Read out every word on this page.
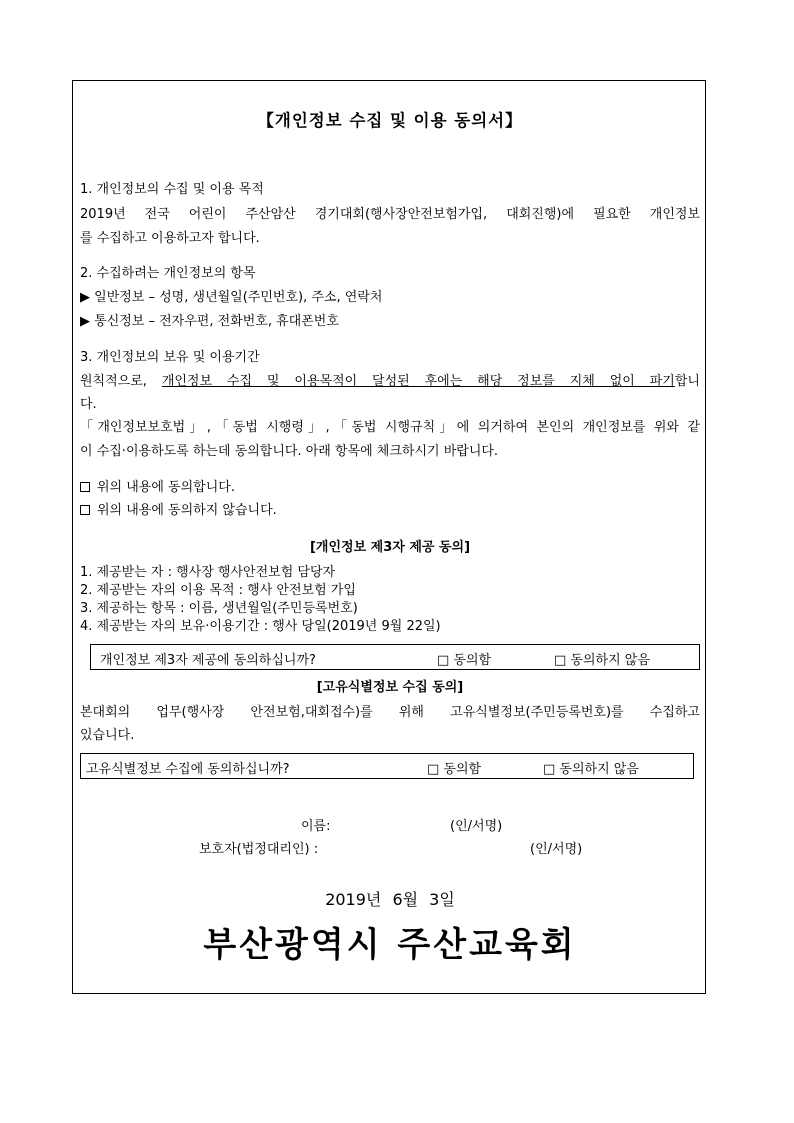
【개인정보 수집 및 이용 동의서】
1. 개인정보의 수집 및 이용 목적
2019년 전국 어린이 주산암산 경기대회(행사장안전보험가입, 대회진행)에 필요한 개인정보
를 수집하고 이용하고자 합니다.
2. 수집하려는 개인정보의 항목
▶ 일반정보 – 성명, 생년월일(주민번호), 주소, 연락처
▶ 통신정보 – 전자우편, 전화번호, 휴대폰번호
3. 개인정보의 보유 및 이용기간
원칙적으로, 개인정보 수집 및 이용목적이 달성된 후에는 해당 정보를 지체 없이 파기합니
다.
「개인정보보호법」,「동법 시행령」,「동법 시행규칙」에 의거하여 본인의 개인정보를 위와 같
이 수집·이용하도록 하는데 동의합니다. 아래 항목에 체크하시기 바랍니다.
위의 내용에 동의합니다.
위의 내용에 동의하지 않습니다.
[개인정보 제3자 제공 동의]
1. 제공받는 자 : 행사장 행사안전보험 담당자
2. 제공받는 자의 이용 목적 : 행사 안전보험 가입
3. 제공하는 항목 : 이름, 생년월일(주민등록번호)
4. 제공받는 자의 보유·이용기간 : 행사 당일(2019년 9월 22일)
개인정보 제3자 제공에 동의하십니까?	□ 동의함	□ 동의하지 않음
[고유식별정보 수집 동의]
본대회의 업무(행사장 안전보험,대회접수)를 위해 고유식별정보(주민등록번호)를 수집하고
있습니다.
고유식별정보 수집에 동의하십니까?	□ 동의함	□ 동의하지 않음
이름:	(인/서명)
보호자(법정대리인) :	(인/서명)
2019년 6월 3일
부산광역시 주산교육회
